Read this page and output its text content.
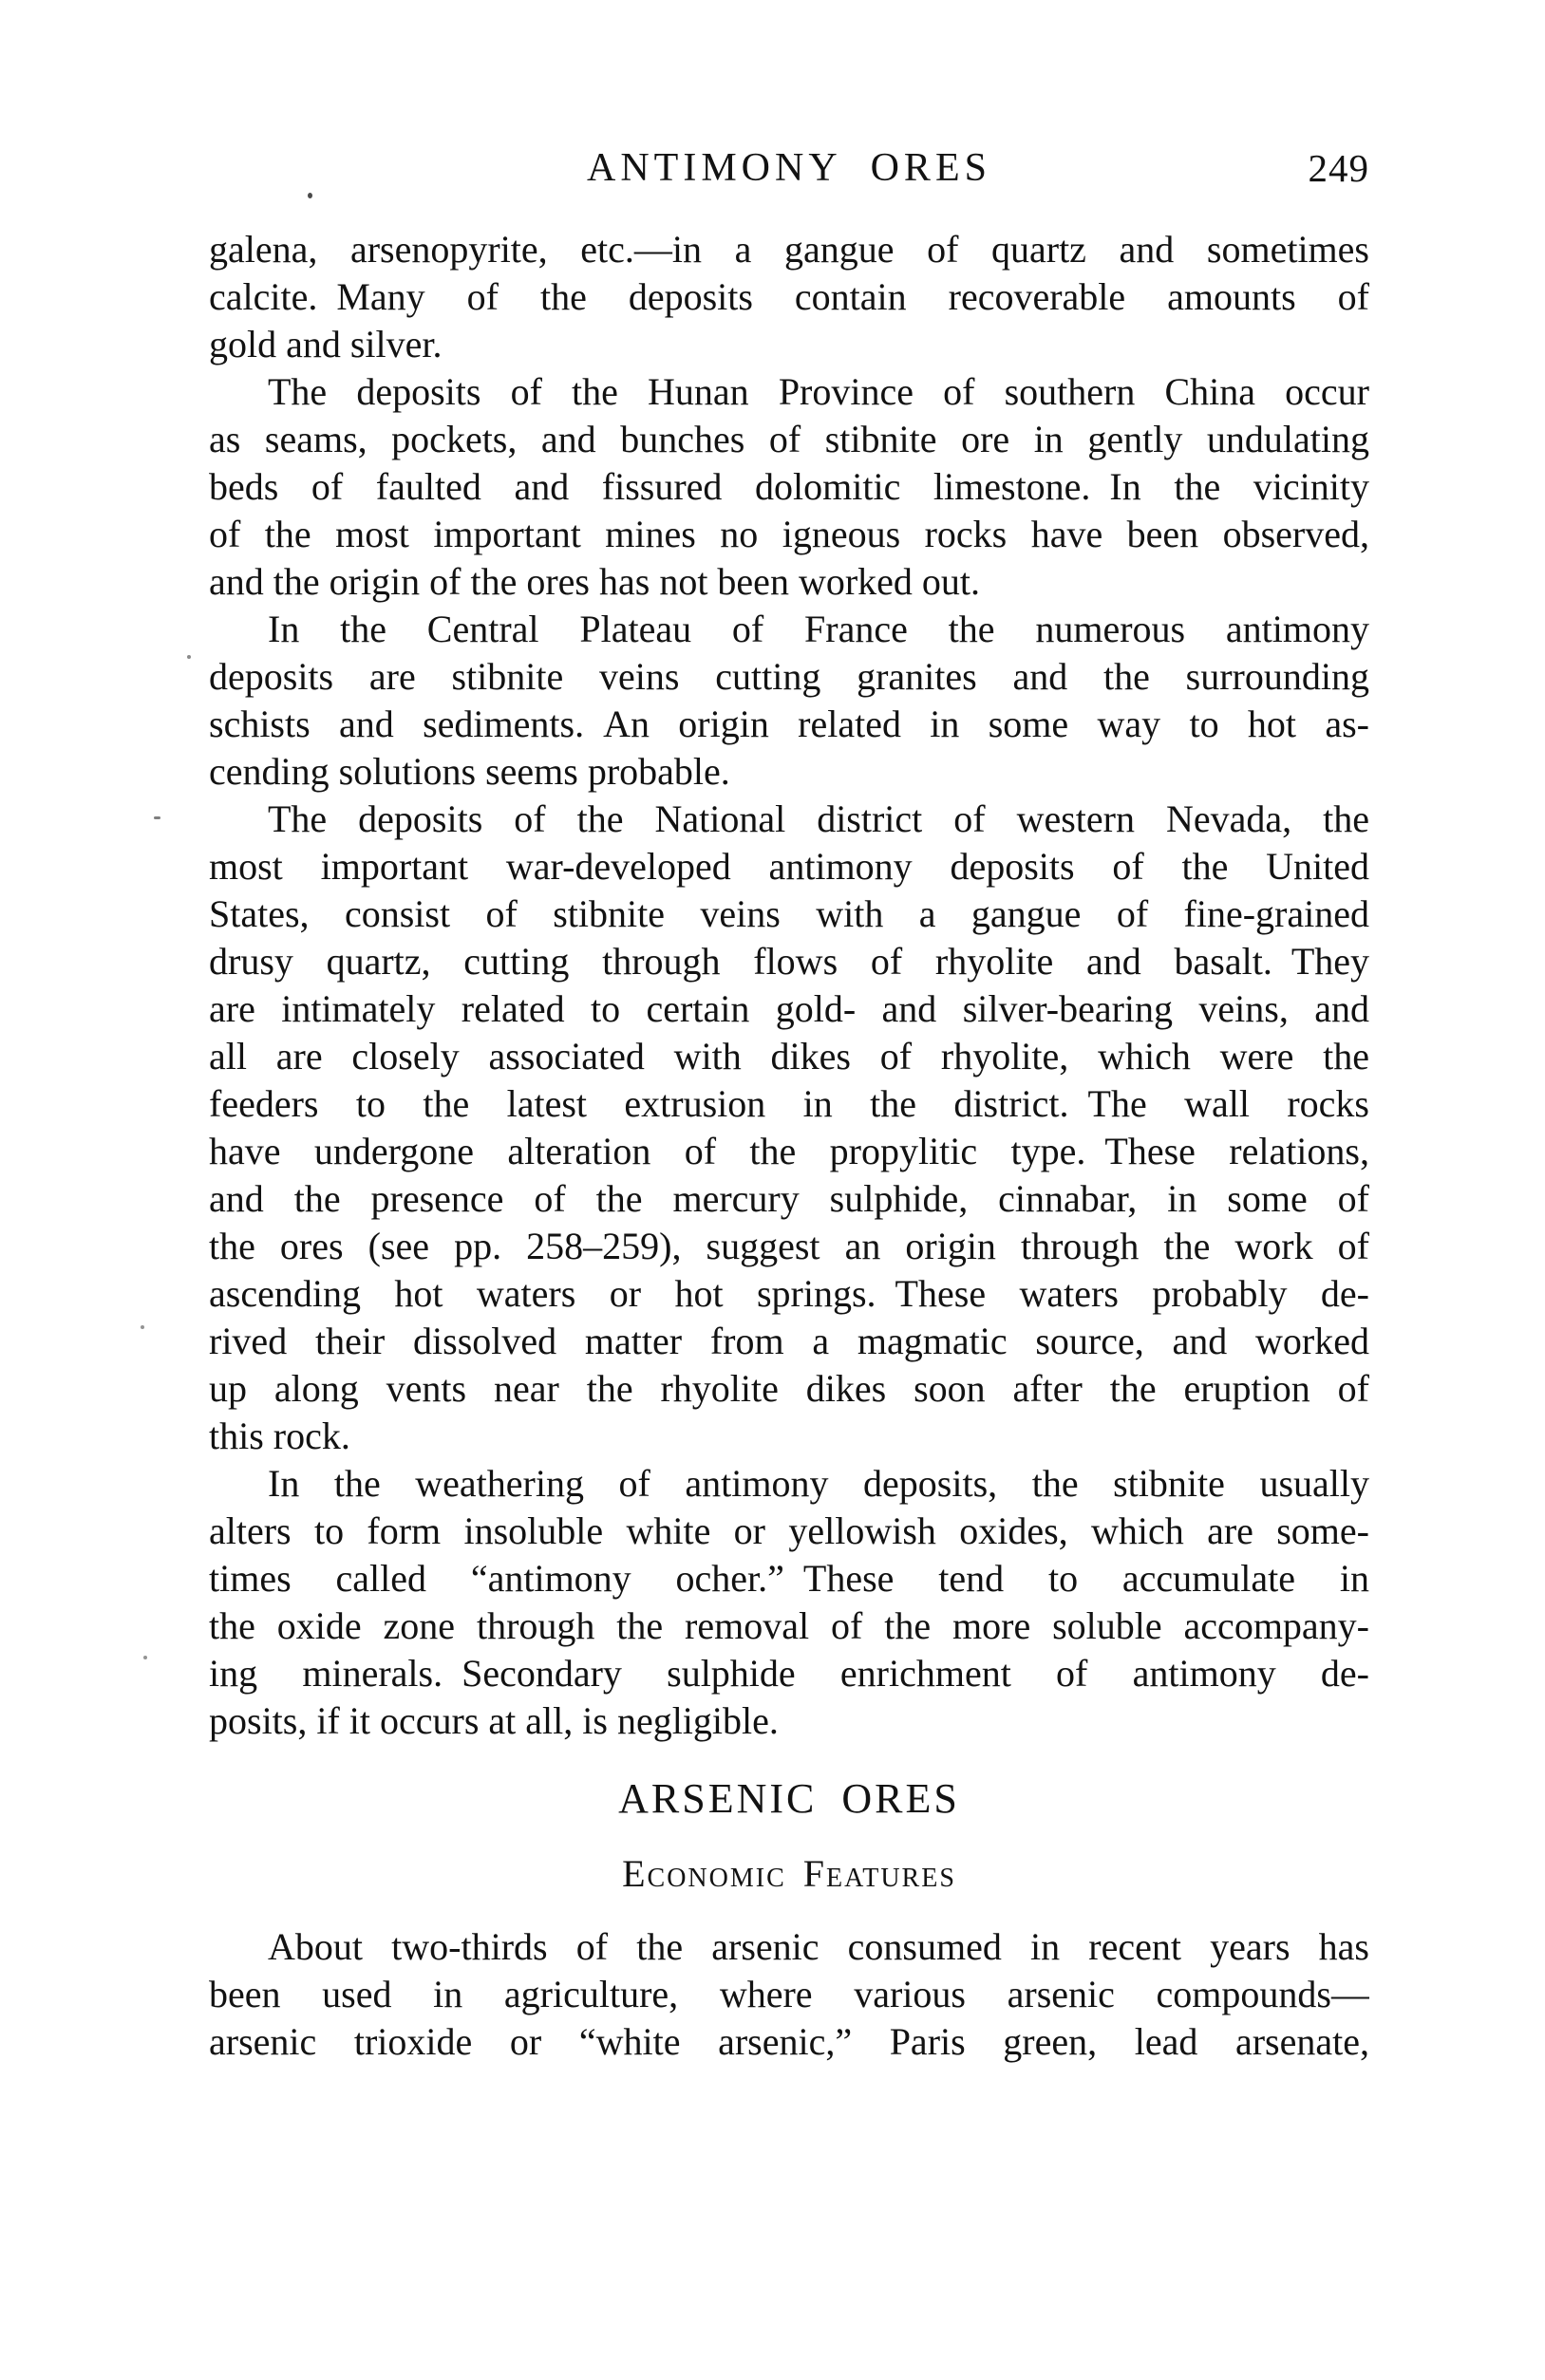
ANTIMONY ORES	249
galena, arsenopyrite, etc.—in a gangue of quartz and sometimes
calcite. Many of the deposits contain recoverable amounts of
gold and silver.
The deposits of the Hunan Province of southern China occur
as seams, pockets, and bunches of stibnite ore in gently undulating
beds of faulted and fissured dolomitic limestone. In the vicinity
of the most important mines no igneous rocks have been observed,
and the origin of the ores has not been worked out.
In the Central Plateau of France the numerous antimony
deposits are stibnite veins cutting granites and the surrounding
schists and sediments. An origin related in some way to hot as-
cending solutions seems probable.
The deposits of the National district of western Nevada, the
most important war-developed antimony deposits of the United
States, consist of stibnite veins with a gangue of fine-grained
drusy quartz, cutting through flows of rhyolite and basalt. They
are intimately related to certain gold- and silver-bearing veins, and
all are closely associated with dikes of rhyolite, which were the
feeders to the latest extrusion in the district. The wall rocks
have undergone alteration of the propylitic type. These relations,
and the presence of the mercury sulphide, cinnabar, in some of
the ores (see pp. 258–259), suggest an origin through the work of
ascending hot waters or hot springs. These waters probably de-
rived their dissolved matter from a magmatic source, and worked
up along vents near the rhyolite dikes soon after the eruption of
this rock.
In the weathering of antimony deposits, the stibnite usually
alters to form insoluble white or yellowish oxides, which are some-
times called “antimony ocher.” These tend to accumulate in
the oxide zone through the removal of the more soluble accompany-
ing minerals. Secondary sulphide enrichment of antimony de-
posits, if it occurs at all, is negligible.
ARSENIC ORES
Economic Features
About two-thirds of the arsenic consumed in recent years has
been used in agriculture, where various arsenic compounds—
arsenic trioxide or “white arsenic,” Paris green, lead arsenate,
